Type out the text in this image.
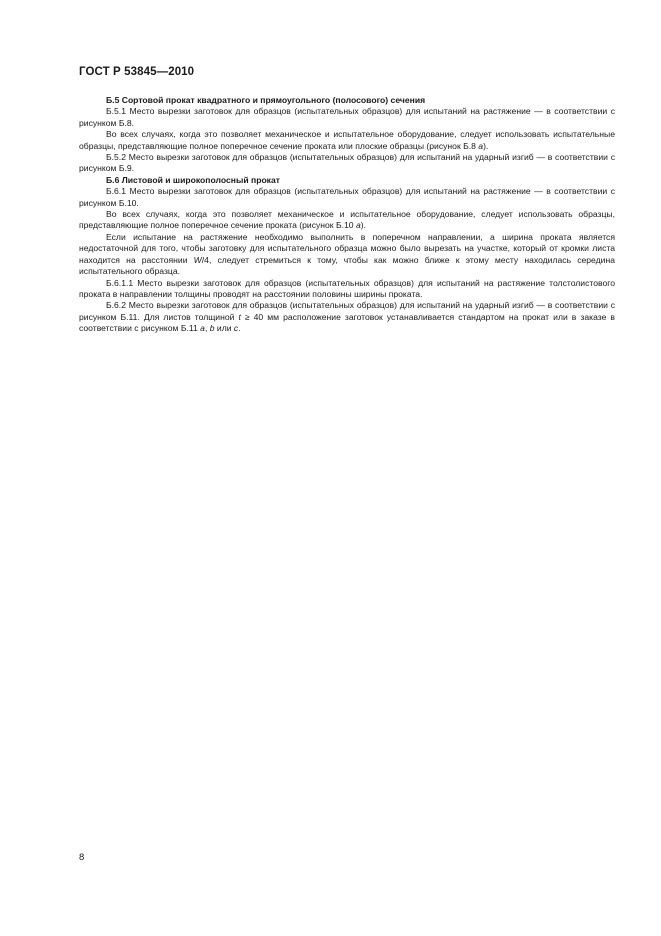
ГОСТ Р 53845—2010

Б.5 Сортовой прокат квадратного и прямоугольного (полосового) сечения

Б.5.1 Место вырезки заготовок для образцов (испытательных образцов) для испытаний на растяжение — в соответствии с рисунком Б.8.

Во всех случаях, когда это позволяет механическое и испытательное оборудование, следует использовать испытательные образцы, представляющие полное поперечное сечение проката или плоские образцы (рисунок Б.8 а).

Б.5.2 Место вырезки заготовок для образцов (испытательных образцов) для испытаний на ударный изгиб — в соответствии с рисунком Б.9.

Б.6 Листовой и широкополосный прокат

Б.6.1 Место вырезки заготовок для образцов (испытательных образцов) для испытаний на растяжение — в соответствии с рисунком Б.10.

Во всех случаях, когда это позволяет механическое и испытательное оборудование, следует использовать образцы, представляющие полное поперечное сечение проката (рисунок Б.10 а).

Если испытание на растяжение необходимо выполнить в поперечном направлении, а ширина проката является недостаточной для того, чтобы заготовку для испытательного образца можно было вырезать на участке, который от кромки листа находится на расстоянии W/4, следует стремиться к тому, чтобы как можно ближе к этому месту находилась середина испытательного образца.

Б.6.1.1 Место вырезки заготовок для образцов (испытательных образцов) для испытаний на растяжение толстолистового проката в направлении толщины проводят на расстоянии половины ширины проката.

Б.6.2 Место вырезки заготовок для образцов (испытательных образцов) для испытаний на ударный изгиб — в соответствии с рисунком Б.11. Для листов толщиной t ≥ 40 мм расположение заготовок устанавливается стандартом на прокат или в заказе в соответствии с рисунком Б.11 а, b или с.

8
